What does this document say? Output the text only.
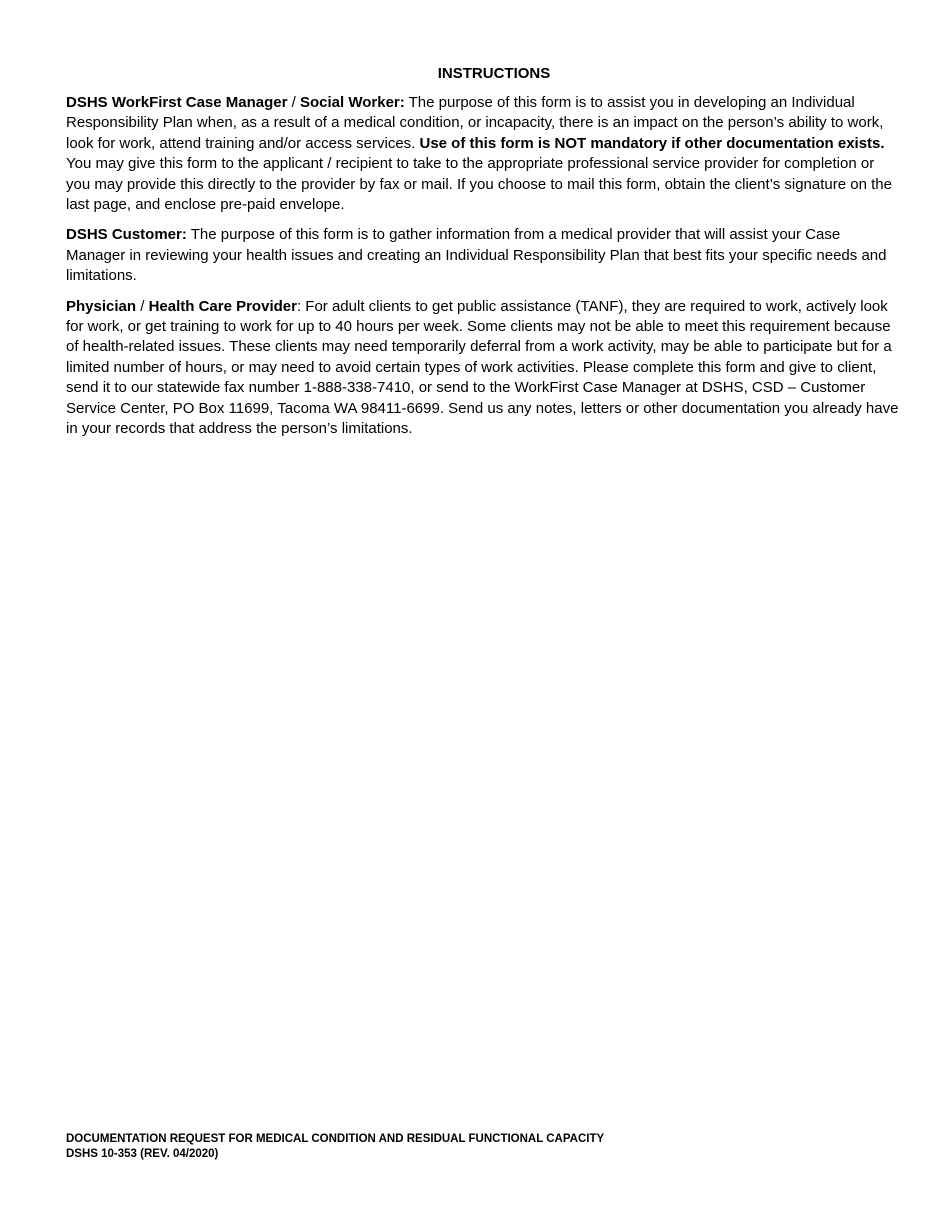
INSTRUCTIONS

DSHS WorkFirst Case Manager / Social Worker: The purpose of this form is to assist you in developing an Individual Responsibility Plan when, as a result of a medical condition, or incapacity, there is an impact on the person’s ability to work, look for work, attend training and/or access services. Use of this form is NOT mandatory if other documentation exists. You may give this form to the applicant / recipient to take to the appropriate professional service provider for completion or you may provide this directly to the provider by fax or mail. If you choose to mail this form, obtain the client’s signature on the last page, and enclose pre-paid envelope.

DSHS Customer: The purpose of this form is to gather information from a medical provider that will assist your Case Manager in reviewing your health issues and creating an Individual Responsibility Plan that best fits your specific needs and limitations.

Physician / Health Care Provider: For adult clients to get public assistance (TANF), they are required to work, actively look for work, or get training to work for up to 40 hours per week. Some clients may not be able to meet this requirement because of health-related issues. These clients may need temporarily deferral from a work activity, may be able to participate but for a limited number of hours, or may need to avoid certain types of work activities. Please complete this form and give to client, send it to our statewide fax number 1-888-338-7410, or send to the WorkFirst Case Manager at DSHS, CSD – Customer Service Center, PO Box 11699, Tacoma WA 98411-6699. Send us any notes, letters or other documentation you already have in your records that address the person’s limitations.

DOCUMENTATION REQUEST FOR MEDICAL CONDITION AND RESIDUAL FUNCTIONAL CAPACITY
DSHS 10-353 (REV. 04/2020)
